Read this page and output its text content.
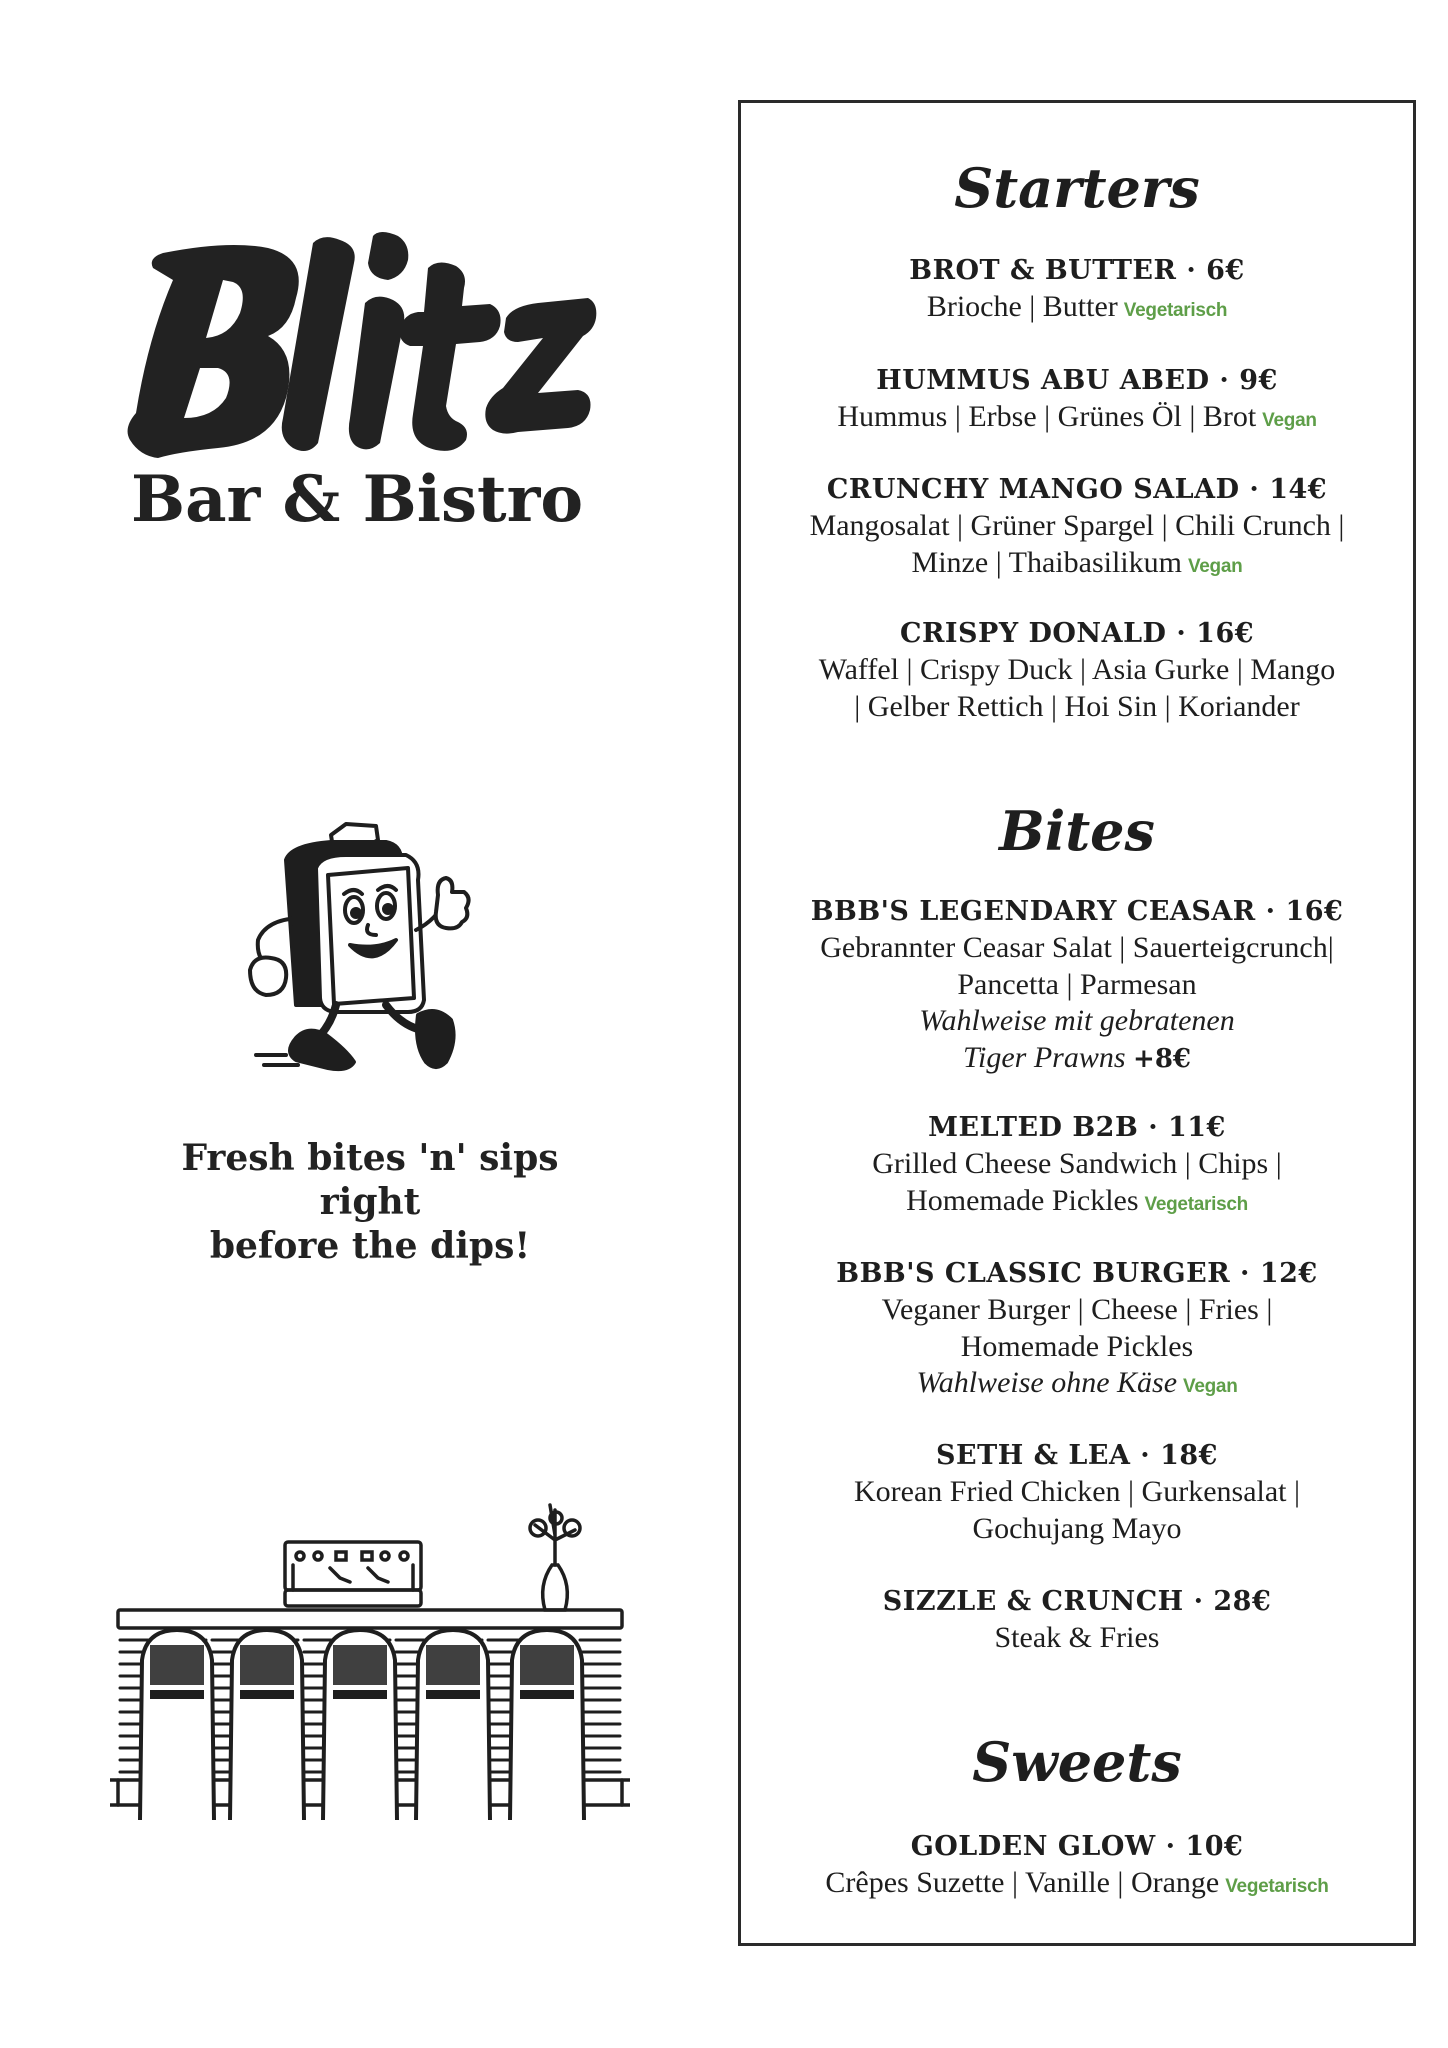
Bar & Bistro
Fresh bites 'n' sips right
before the dips!
Starters
BROT & BUTTER · 6€
Brioche | Butter Vegetarisch
HUMMUS ABU ABED · 9€
Hummus | Erbse | Grünes Öl | Brot Vegan
CRUNCHY MANGO SALAD · 14€
Mangosalat | Grüner Spargel | Chili Crunch |
Minze | Thaibasilikum Vegan
CRISPY DONALD · 16€
Waffel | Crispy Duck | Asia Gurke | Mango
| Gelber Rettich | Hoi Sin | Koriander
Bites
BBB'S LEGENDARY CEASAR · 16€
Gebrannter Ceasar Salat | Sauerteigcrunch|
Pancetta | Parmesan
Wahlweise mit gebratenen
Tiger Prawns +8€
MELTED B2B · 11€
Grilled Cheese Sandwich | Chips |
Homemade Pickles Vegetarisch
BBB'S CLASSIC BURGER · 12€
Veganer Burger | Cheese | Fries |
Homemade Pickles
Wahlweise ohne Käse Vegan
SETH & LEA · 18€
Korean Fried Chicken | Gurkensalat |
Gochujang Mayo
SIZZLE & CRUNCH · 28€
Steak & Fries
Sweets
GOLDEN GLOW · 10€
Crêpes Suzette | Vanille | Orange Vegetarisch
